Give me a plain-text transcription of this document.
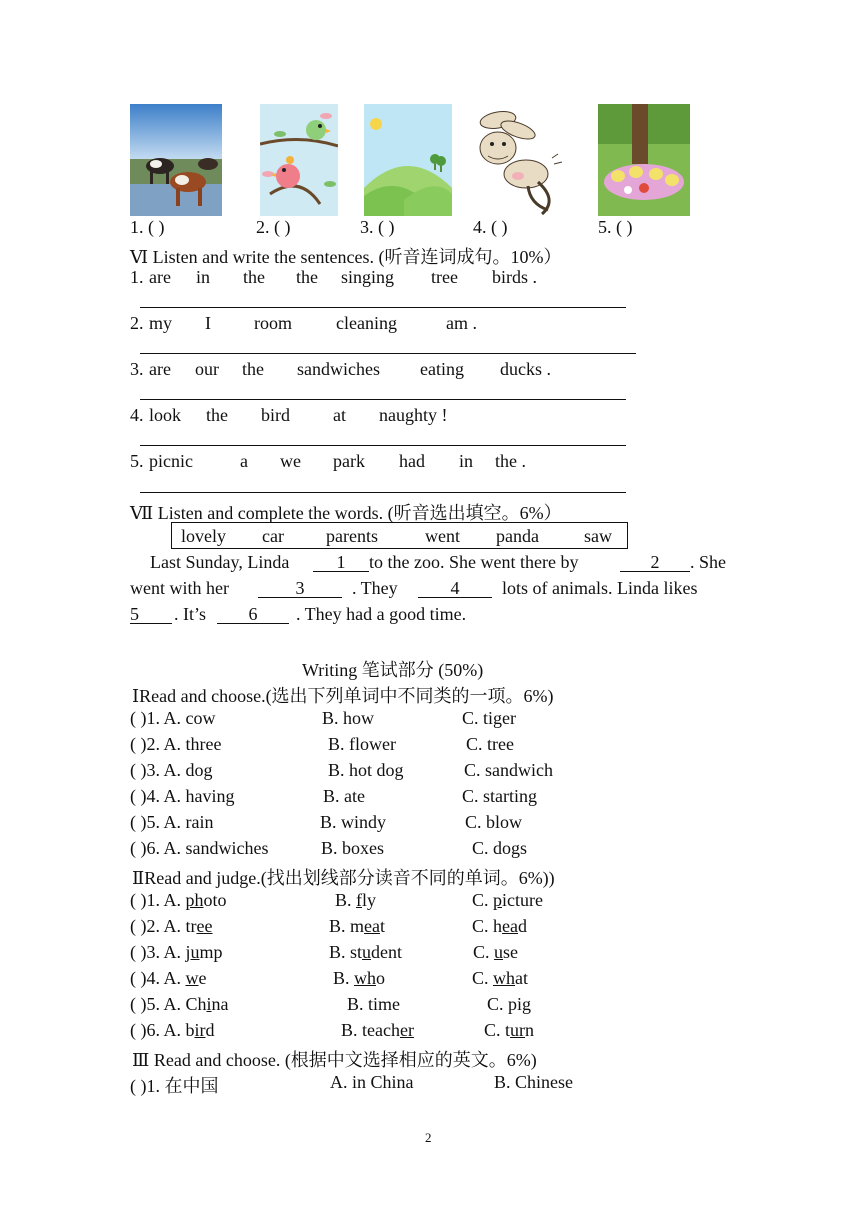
1. ( )	2. ( )	3. ( )	4. ( )	5. ( )
Ⅵ Listen and write the sentences. (听音连词成句。10%）
1. are in the the singing tree birds .
2. my I room cleaning	am .
3. are our the sandwiches eating ducks .
4. look the bird at naughty !
5. picnic	a we park had in the .
Ⅶ Listen and complete the words. (听音选出填空。6%）
lovely car parents	went panda	saw
Last Sunday, Linda	1	to the zoo. She went there by	2	. She
went with her	3	. They	4	lots of animals. Linda likes
5	. It’s	6	. They had a good time.
Writing 笔试部分 (50%)
ⅠRead and choose.(选出下列单词中不同类的一项。6%)
( )1. A. cow	B. how	C. tiger
( )2. A. three	B. flower	C. tree
( )3. A. dog	B. hot dog	C. sandwich
( )4. A. having	B. ate	C. starting
( )5. A. rain	B. windy	C. blow
( )6. A. sandwiches	B. boxes	C. dogs
ⅡRead and judge.(找出划线部分读音不同的单词。6%))
( )1. A. photo	B. fly	C. picture
( )2. A. tree	B. meat	C. head
( )3. A. jump	B. student	C. use
( )4. A. we	B. who	C. what
( )5. A. China	B. time	C. pig
( )6. A. bird	B. teacher	C. turn
Ⅲ Read and choose. (根据中文选择相应的英文。6%)
( )1. 在中国	A. in China	B. Chinese
2
